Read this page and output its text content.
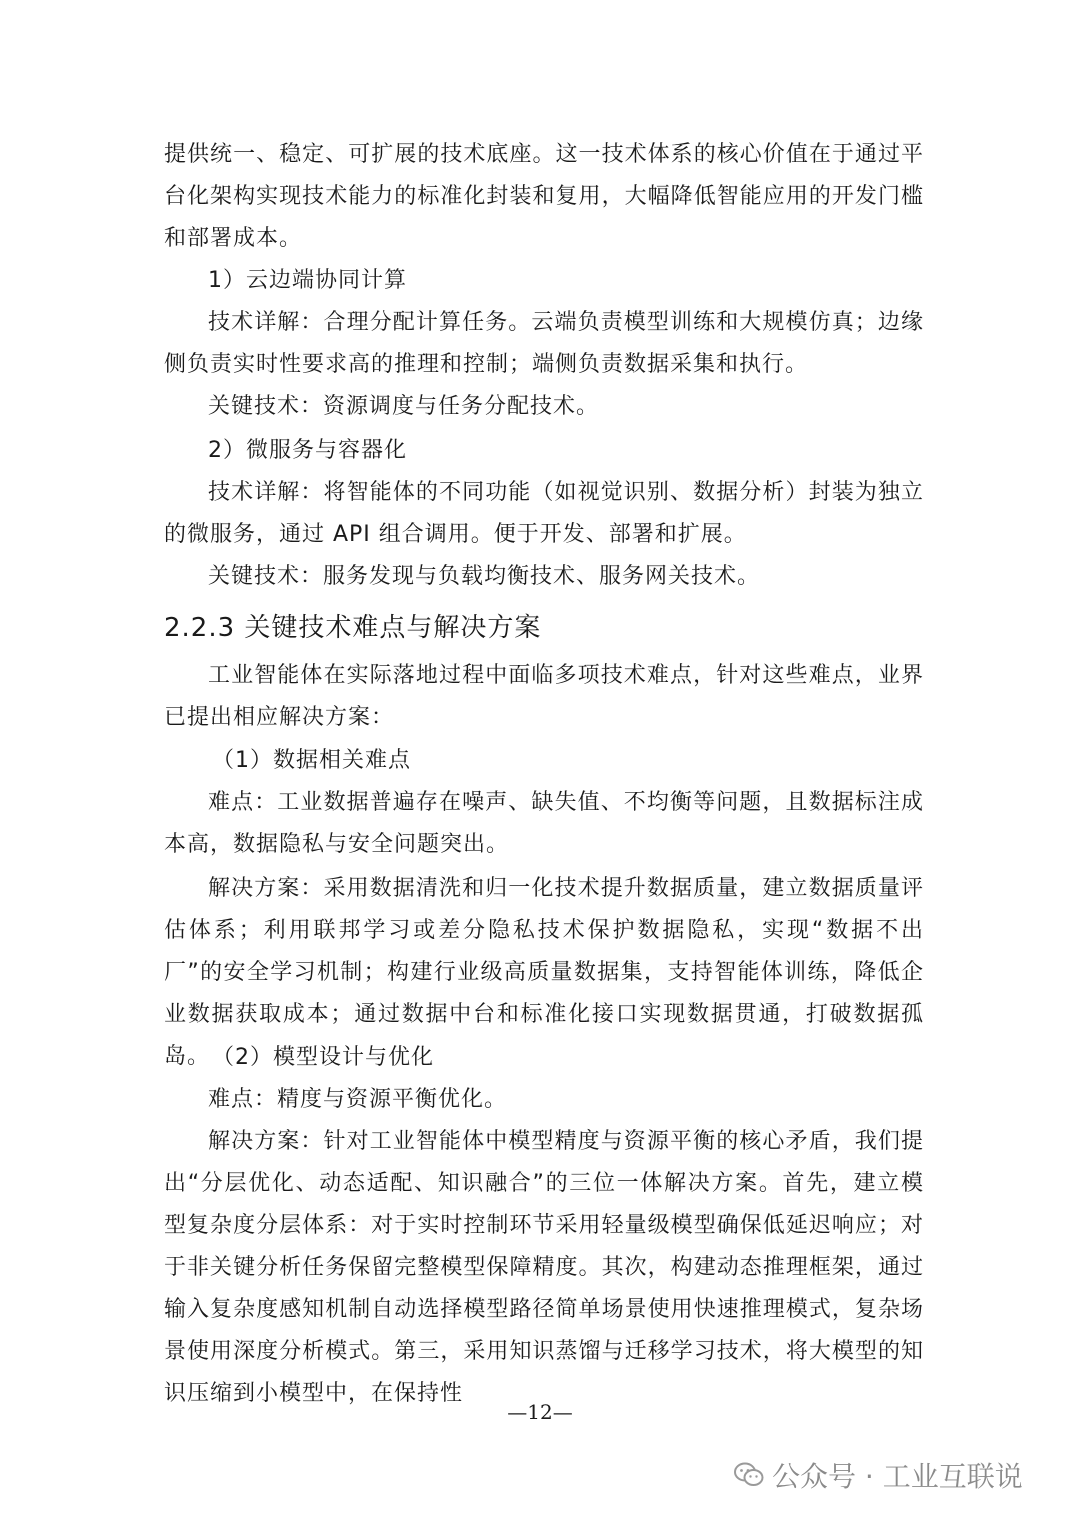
提供统一、稳定、可扩展的技术底座。这一技术体系的核心价值在于通过平台化架构实现技术能力的标准化封装和复用，大幅降低智能应用的开发门槛和部署成本。
1）云边端协同计算
技术详解：合理分配计算任务。云端负责模型训练和大规模仿真；边缘侧负责实时性要求高的推理和控制；端侧负责数据采集和执行。
关键技术：资源调度与任务分配技术。
2）微服务与容器化
技术详解：将智能体的不同功能（如视觉识别、数据分析）封装为独立的微服务，通过 API 组合调用。便于开发、部署和扩展。
关键技术：服务发现与负载均衡技术、服务网关技术。
2.2.3 关键技术难点与解决方案
工业智能体在实际落地过程中面临多项技术难点，针对这些难点，业界已提出相应解决方案：
（1）数据相关难点
难点：工业数据普遍存在噪声、缺失值、不均衡等问题，且数据标注成本高，数据隐私与安全问题突出。
解决方案：采用数据清洗和归一化技术提升数据质量，建立数据质量评估体系；利用联邦学习或差分隐私技术保护数据隐私，实现“数据不出厂”的安全学习机制；构建行业级高质量数据集，支持智能体训练，降低企业数据获取成本；通过数据中台和标准化接口实现数据贯通，打破数据孤岛。 （2）模型设计与优化
难点：精度与资源平衡优化。
解决方案：针对工业智能体中模型精度与资源平衡的核心矛盾，我们提出“分层优化、动态适配、知识融合”的三位一体解决方案。首先，建立模型复杂度分层体系：对于实时控制环节采用轻量级模型确保低延迟响应；对于非关键分析任务保留完整模型保障精度。其次，构建动态推理框架，通过输入复杂度感知机制自动选择模型路径简单场景使用快速推理模式，复杂场景使用深度分析模式。第三，采用知识蒸馏与迁移学习技术，将大模型的知识压缩到小模型中，在保持性
—12—
公众号 · 工业互联说
